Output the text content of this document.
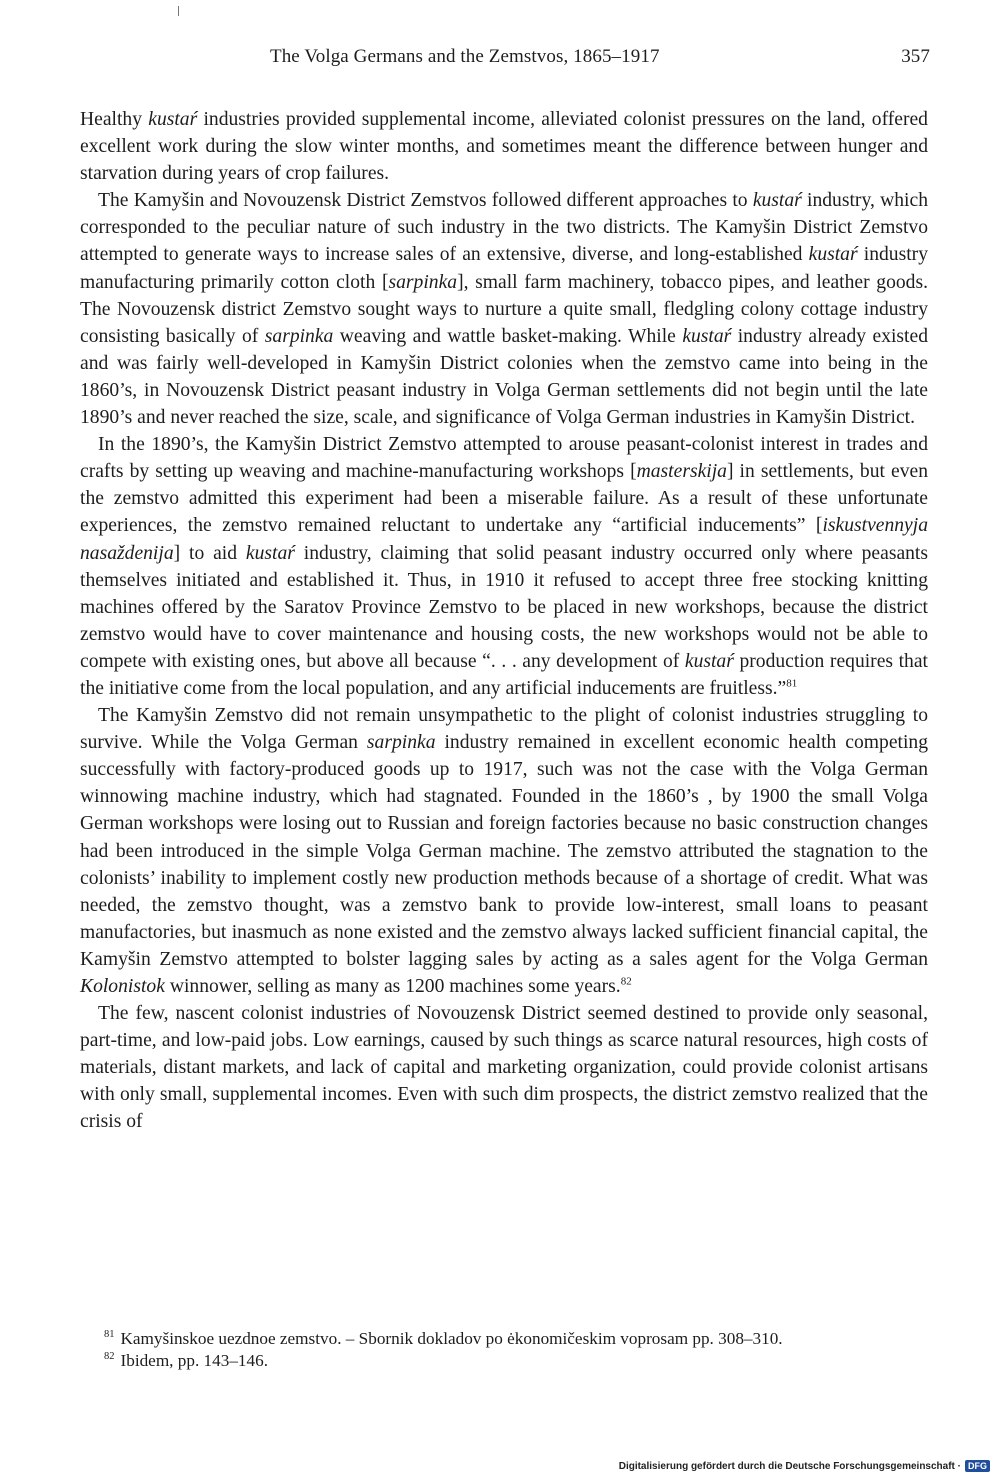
The Volga Germans and the Zemstvos, 1865–1917	357

Healthy kustaŕ industries provided supplemental income, alleviated colonist pressures on the land, offered excellent work during the slow winter months, and sometimes meant the difference between hunger and starvation during years of crop failures.

The Kamyšin and Novouzensk District Zemstvos followed different approaches to kustaŕ industry, which corresponded to the peculiar nature of such industry in the two districts. The Kamyšin District Zemstvo attempted to generate ways to increase sales of an extensive, diverse, and long-established kustaŕ industry manufacturing primarily cotton cloth [sarpinka], small farm machinery, tobacco pipes, and leather goods. The Novouzensk district Zemstvo sought ways to nurture a quite small, fledgling colony cottage industry consisting basically of sarpinka weaving and wattle basket-making. While kustaŕ industry already existed and was fairly well-developed in Kamyšin District colonies when the zemstvo came into being in the 1860’s, in Novouzensk District peasant industry in Volga German settlements did not begin until the late 1890’s and never reached the size, scale, and significance of Volga German industries in Kamyšin District.

In the 1890’s, the Kamyšin District Zemstvo attempted to arouse peasant-colonist interest in trades and crafts by setting up weaving and machine-manufacturing workshops [masterskija] in settlements, but even the zemstvo admitted this experiment had been a miserable failure. As a result of these unfortunate experiences, the zemstvo remained reluctant to undertake any “artificial inducements” [iskustvennyja nasaždenija] to aid kustaŕ industry, claiming that solid peasant industry occurred only where peasants themselves initiated and established it. Thus, in 1910 it refused to accept three free stocking knitting machines offered by the Saratov Province Zemstvo to be placed in new workshops, because the district zemstvo would have to cover maintenance and housing costs, the new workshops would not be able to compete with existing ones, but above all because “. . . any development of kustaŕ production requires that the initiative come from the local population, and any artificial inducements are fruitless.”$^{81}$

The Kamyšin Zemstvo did not remain unsympathetic to the plight of colonist industries struggling to survive. While the Volga German sarpinka industry remained in excellent economic health competing successfully with factory-produced goods up to 1917, such was not the case with the Volga German winnowing machine industry, which had stagnated. Founded in the 1860’s , by 1900 the small Volga German workshops were losing out to Russian and foreign factories because no basic construction changes had been introduced in the simple Volga German machine. The zemstvo attributed the stagnation to the colonists’ inability to implement costly new production methods because of a shortage of credit. What was needed, the zemstvo thought, was a zemstvo bank to provide low-interest, small loans to peasant manufactories, but inasmuch as none existed and the zemstvo always lacked sufficient financial capital, the Kamyšin Zemstvo attempted to bolster lagging sales by acting as a sales agent for the Volga German Kolonistok winnower, selling as many as 1200 machines some years.$^{82}$

The few, nascent colonist industries of Novouzensk District seemed destined to provide only seasonal, part-time, and low-paid jobs. Low earnings, caused by such things as scarce natural resources, high costs of materials, distant markets, and lack of capital and marketing organization, could provide colonist artisans with only small, supplemental incomes. Even with such dim prospects, the district zemstvo realized that the crisis of

$^{81}$ Kamyšinskoe uezdnoe zemstvo. – Sbornik dokladov po ėkonomičeskim voprosam pp. 308–310.

$^{82}$ Ibidem, pp. 143–146.

Digitalisierung gefördert durch die Deutsche Forschungsgemeinschaft · DFG
